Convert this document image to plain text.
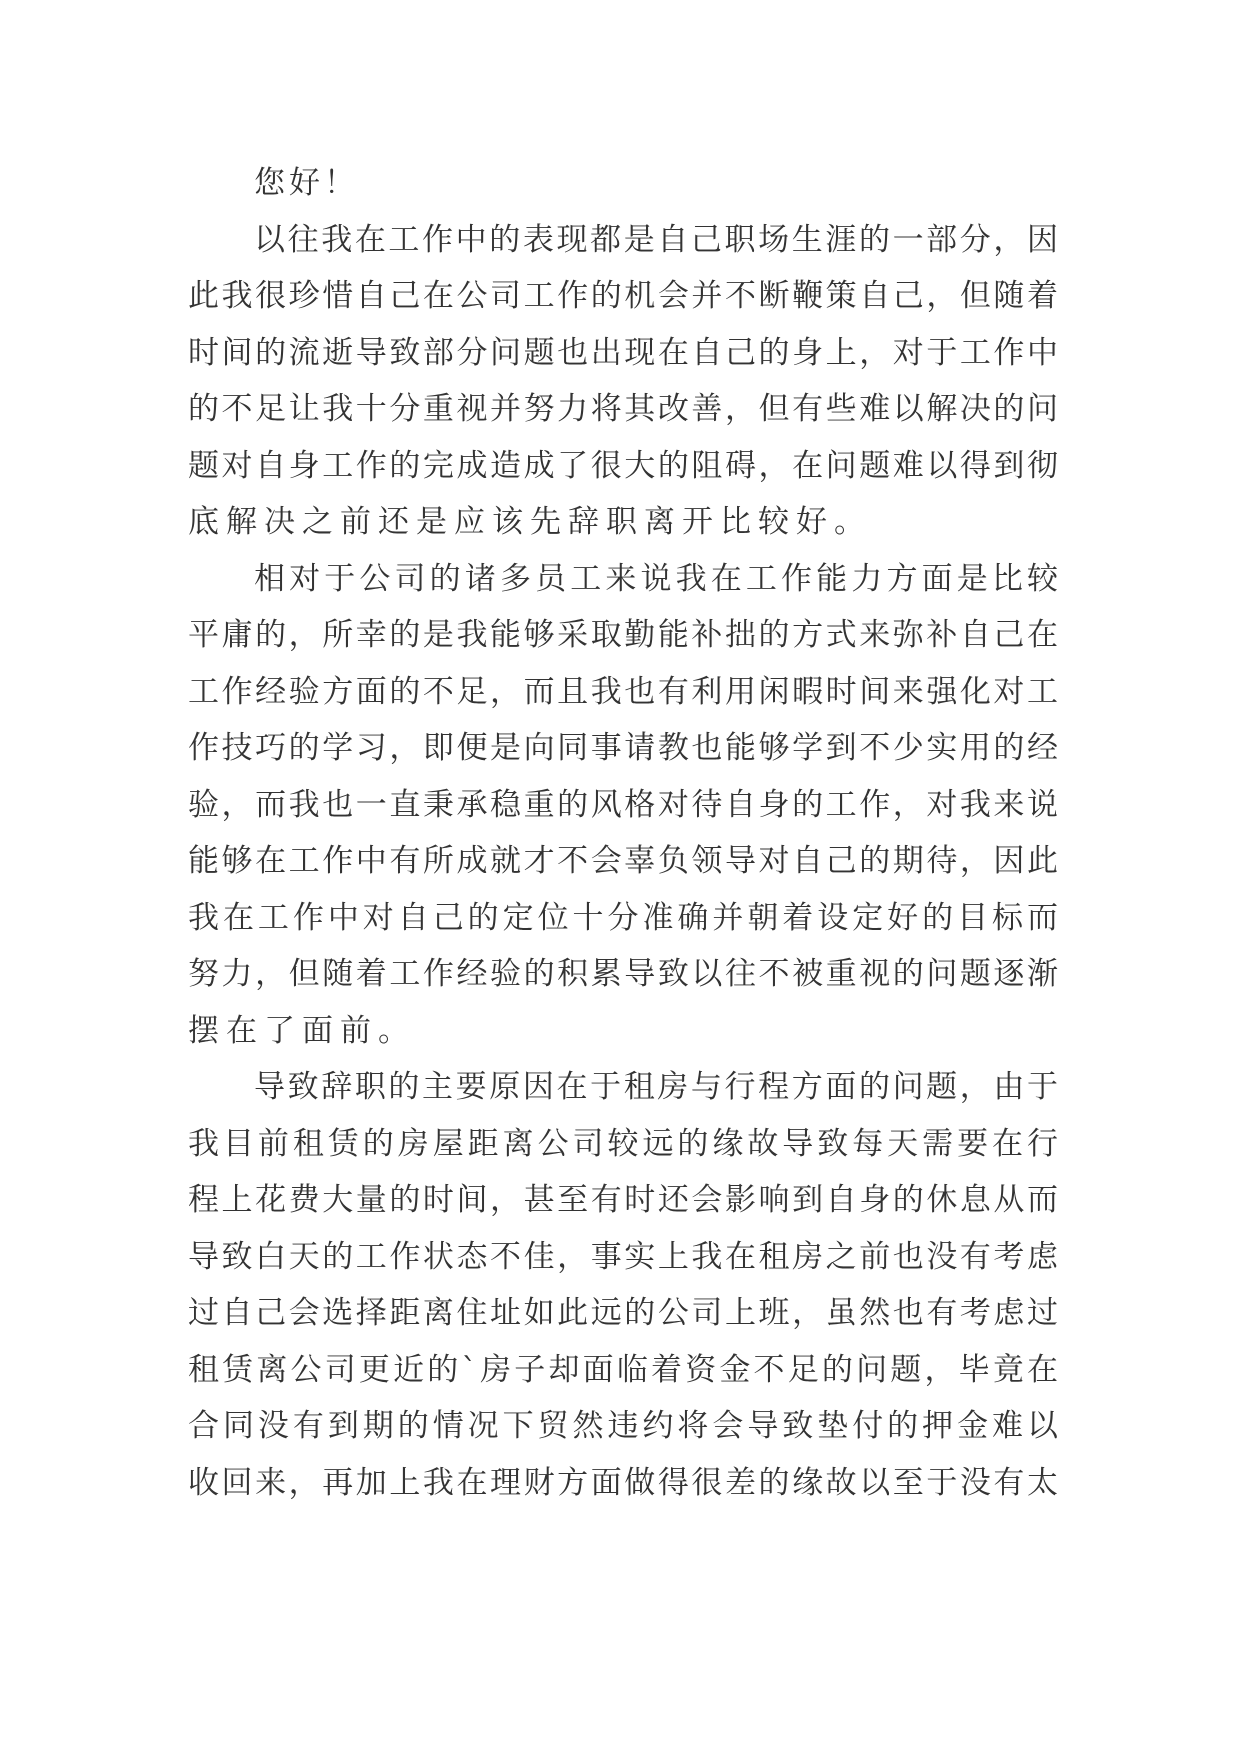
您好！
以往我在工作中的表现都是自己职场生涯的一部分，因
此我很珍惜自己在公司工作的机会并不断鞭策自己，但随着
时间的流逝导致部分问题也出现在自己的身上，对于工作中
的不足让我十分重视并努力将其改善，但有些难以解决的问
题对自身工作的完成造成了很大的阻碍，在问题难以得到彻
底解决之前还是应该先辞职离开比较好。
相对于公司的诸多员工来说我在工作能力方面是比较
平庸的，所幸的是我能够采取勤能补拙的方式来弥补自己在
工作经验方面的不足，而且我也有利用闲暇时间来强化对工
作技巧的学习，即便是向同事请教也能够学到不少实用的经
验，而我也一直秉承稳重的风格对待自身的工作，对我来说
能够在工作中有所成就才不会辜负领导对自己的期待，因此
我在工作中对自己的定位十分准确并朝着设定好的目标而
努力，但随着工作经验的积累导致以往不被重视的问题逐渐
摆在了面前。
导致辞职的主要原因在于租房与行程方面的问题，由于
我目前租赁的房屋距离公司较远的缘故导致每天需要在行
程上花费大量的时间，甚至有时还会影响到自身的休息从而
导致白天的工作状态不佳，事实上我在租房之前也没有考虑
过自己会选择距离住址如此远的公司上班，虽然也有考虑过
租赁离公司更近的`房子却面临着资金不足的问题，毕竟在
合同没有到期的情况下贸然违约将会导致垫付的押金难以
收回来，再加上我在理财方面做得很差的缘故以至于没有太
